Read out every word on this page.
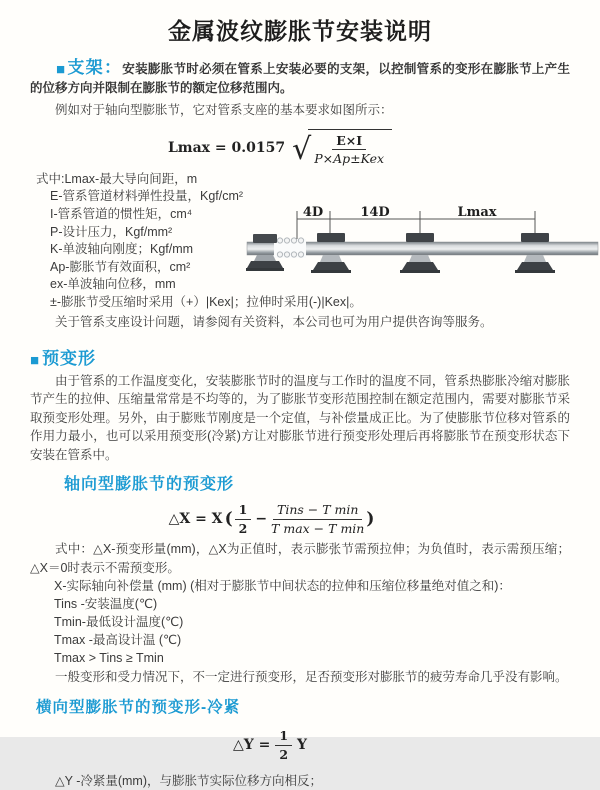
金属波纹膨胀节安装说明

■ 支架：安装膨胀节时必须在管系上安装必要的支架，以控制管系的变形在膨胀节上产生的位移方向并限制在膨胀节的额定位移范围内。

例如对于轴向型膨胀节，它对管系支座的基本要求如图所示：

Lmax = 0.0157 √ $\frac{E\times I}{\text{P×Ap±Kex}}$
式中:Lmax-最大导向间距，m
E-管系管道材料弹性投量，Kgf/cm²
I-管系管道的惯性矩，cm⁴
P-设计压力，Kgf/mm²
K-单波轴向刚度；Kgf/mm
Ap-膨胀节有效面积，cm²
ex-单波轴向位移，mm
±-膨胀节受压缩时采用（+）|Kex|；拉伸时采用(-)|Kex|。
4D	14D	Lmax

关于管系支座设计问题，请参阅有关资料，本公司也可为用户提供咨询等服务。

■ 预变形

由于管系的工作温度变化，安装膨胀节时的温度与工作时的温度不同，管系热膨胀冷缩对膨胀节产生的拉伸、压缩量常常是不均等的，为了膨胀节变形范围控制在额定范围内，需要对膨胀节采取预变形处理。另外，由于膨账节刚度是一个定值，与补偿量成正比。为了使膨胀节位移对管系的作用力最小，也可以采用预变形(冷紧)方让对膨胀节进行预变形处理后再将膨胀节在预变形状态下安装在管系中。

轴向型膨胀节的预变形
△X = X ( $\frac{1}{2} - \frac{\text{Tins − T min}}{\text{T max − T min}}$ )

式中：△X-预变形量(mm)，△X为正值时，表示膨张节需预拉伸；为负值时，表示需预压缩；△X＝0时表示不需预变形。

X-实际轴向补偿量 (mm) (相对于膨胀节中间状态的拉伸和压缩位移量绝对值之和)：
Tins -安装温度(℃)
Tmin-最低设计温度(℃)
Tmax -最高设计温 (℃)
Tmax > Tins ≥ Tmin

一般变形和受力情况下，不一定进行预变形，足否预变形对膨胀节的疲劳寿命几乎没有影响。

横向型膨胀节的预变形-冷紧
△Y = $\frac{1}{2}$ Y

△Y -冷紧量(mm)，与膨胀节实际位移方向相反；
